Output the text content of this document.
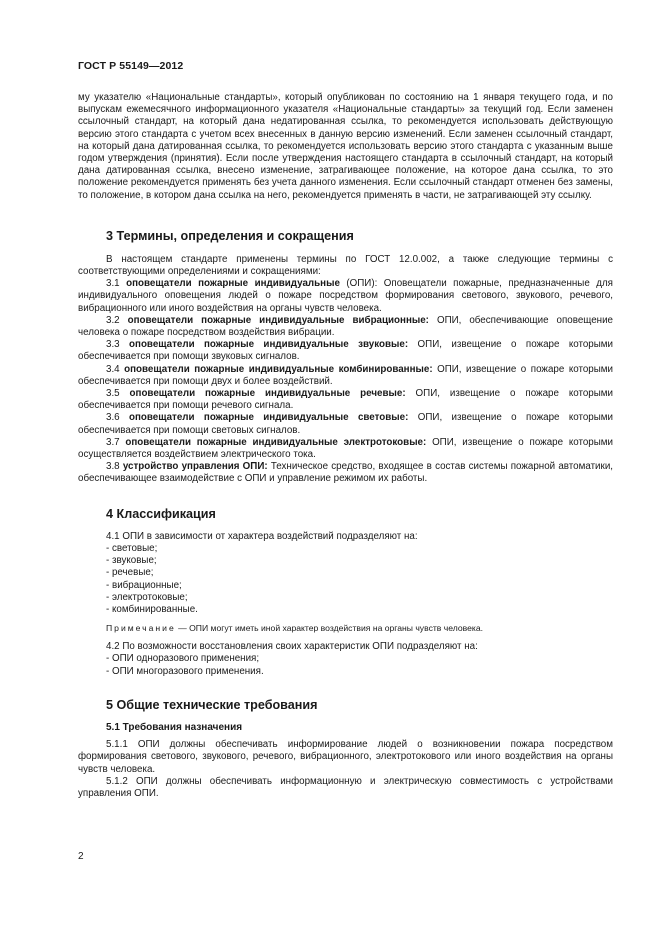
ГОСТ Р 55149—2012

му указателю «Национальные стандарты», который опубликован по состоянию на 1 января текущего года, и по выпускам ежемесячного информационного указателя «Национальные стандарты» за текущий год. Если заменен ссылочный стандарт, на который дана недатированная ссылка, то рекомендуется использовать действующую версию этого стандарта с учетом всех внесенных в данную версию изменений. Если заменен ссылочный стандарт, на который дана датированная ссылка, то рекомендуется использовать версию этого стандарта с указанным выше годом утверждения (принятия). Если после утверждения настоящего стандарта в ссылочный стандарт, на который дана датированная ссылка, внесено изменение, затрагивающее положение, на которое дана ссылка, то это положение рекомендуется применять без учета данного изменения. Если ссылочный стандарт отменен без замены, то положение, в котором дана ссылка на него, рекомендуется применять в части, не затрагивающей эту ссылку.

3 Термины, определения и сокращения

В настоящем стандарте применены термины по ГОСТ 12.0.002, а также следующие термины с соответствующими определениями и сокращениями:

3.1 оповещатели пожарные индивидуальные (ОПИ): Оповещатели пожарные, предназначенные для индивидуального оповещения людей о пожаре посредством формирования светового, звукового, речевого, вибрационного или иного воздействия на органы чувств человека.

3.2 оповещатели пожарные индивидуальные вибрационные: ОПИ, обеспечивающие оповещение человека о пожаре посредством воздействия вибрации.

3.3 оповещатели пожарные индивидуальные звуковые: ОПИ, извещение о пожаре которыми обеспечивается при помощи звуковых сигналов.

3.4 оповещатели пожарные индивидуальные комбинированные: ОПИ, извещение о пожаре которыми обеспечивается при помощи двух и более воздействий.

3.5 оповещатели пожарные индивидуальные речевые: ОПИ, извещение о пожаре которыми обеспечивается при помощи речевого сигнала.

3.6 оповещатели пожарные индивидуальные световые: ОПИ, извещение о пожаре которыми обеспечивается при помощи световых сигналов.

3.7 оповещатели пожарные индивидуальные электротоковые: ОПИ, извещение о пожаре которыми осуществляется воздействием электрического тока.

3.8 устройство управления ОПИ: Техническое средство, входящее в состав системы пожарной автоматики, обеспечивающее взаимодействие с ОПИ и управление режимом их работы.

4 Классификация

4.1 ОПИ в зависимости от характера воздействий подразделяют на:

- световые;

- звуковые;

- речевые;

- вибрационные;

- электротоковые;

- комбинированные.

Примечание — ОПИ могут иметь иной характер воздействия на органы чувств человека.

4.2 По возможности восстановления своих характеристик ОПИ подразделяют на:

- ОПИ одноразового применения;

- ОПИ многоразового применения.

5 Общие технические требования
5.1 Требования назначения

5.1.1 ОПИ должны обеспечивать информирование людей о возникновении пожара посредством формирования светового, звукового, речевого, вибрационного, электротокового или иного воздействия на органы чувств человека.

5.1.2 ОПИ должны обеспечивать информационную и электрическую совместимость с устройствами управления ОПИ.

2
